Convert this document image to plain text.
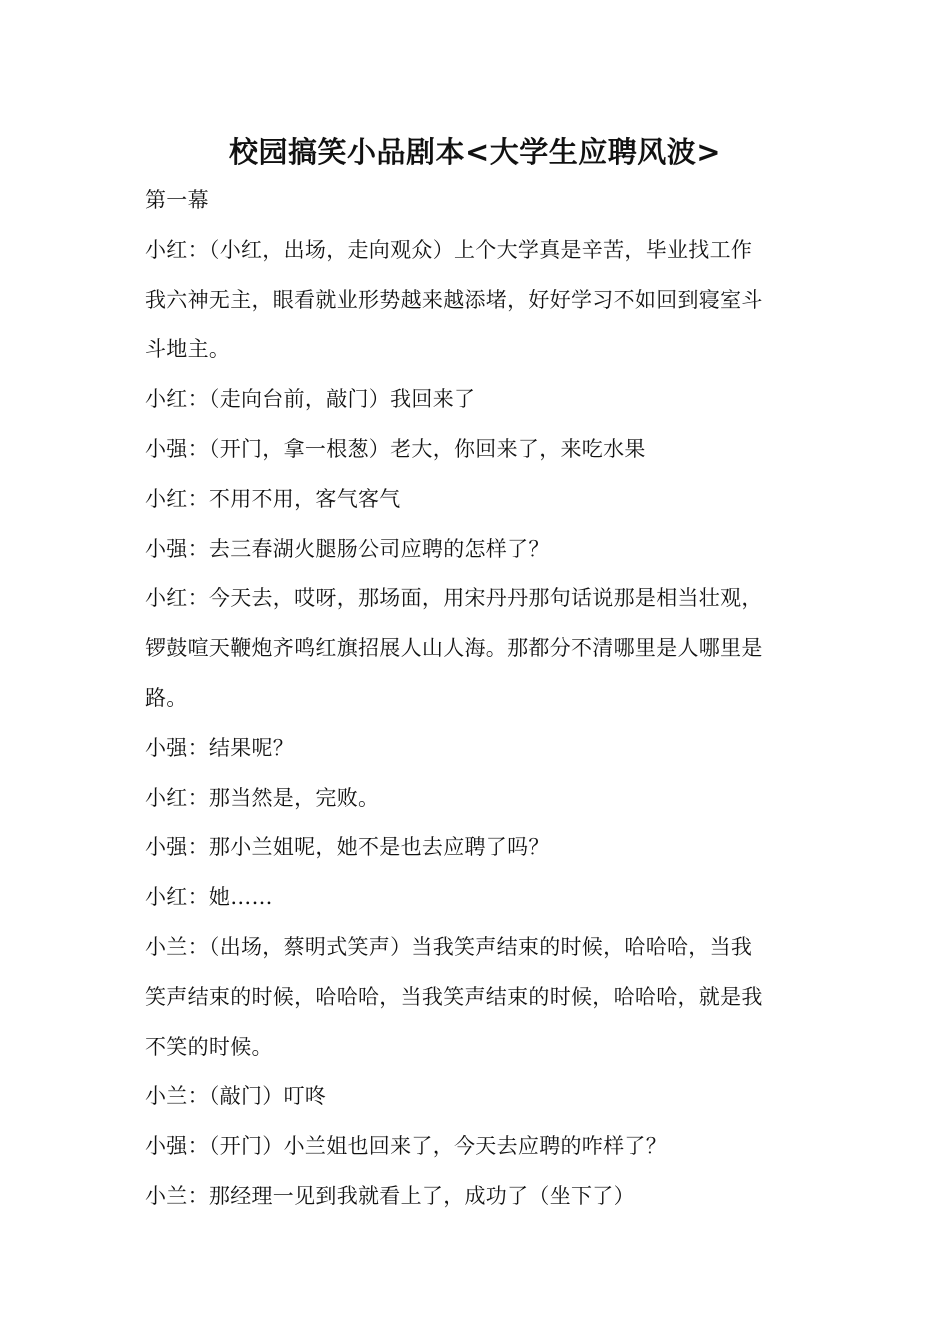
校园搞笑小品剧本<大学生应聘风波>
第一幕
小红：（小红，出场，走向观众）上个大学真是辛苦，毕业找工作
我六神无主，眼看就业形势越来越添堵，好好学习不如回到寝室斗
斗地主。
小红：（走向台前，敲门）我回来了
小强：（开门，拿一根葱）老大，你回来了，来吃水果
小红：不用不用，客气客气
小强：去三春湖火腿肠公司应聘的怎样了？
小红：今天去，哎呀，那场面，用宋丹丹那句话说那是相当壮观，
锣鼓喧天鞭炮齐鸣红旗招展人山人海。那都分不清哪里是人哪里是
路。
小强：结果呢？
小红：那当然是，完败。
小强：那小兰姐呢，她不是也去应聘了吗？
小红：她……
小兰：（出场，蔡明式笑声）当我笑声结束的时候，哈哈哈，当我
笑声结束的时候，哈哈哈，当我笑声结束的时候，哈哈哈，就是我
不笑的时候。
小兰：（敲门）叮咚
小强：（开门）小兰姐也回来了，今天去应聘的咋样了？
小兰：那经理一见到我就看上了，成功了（坐下了）
